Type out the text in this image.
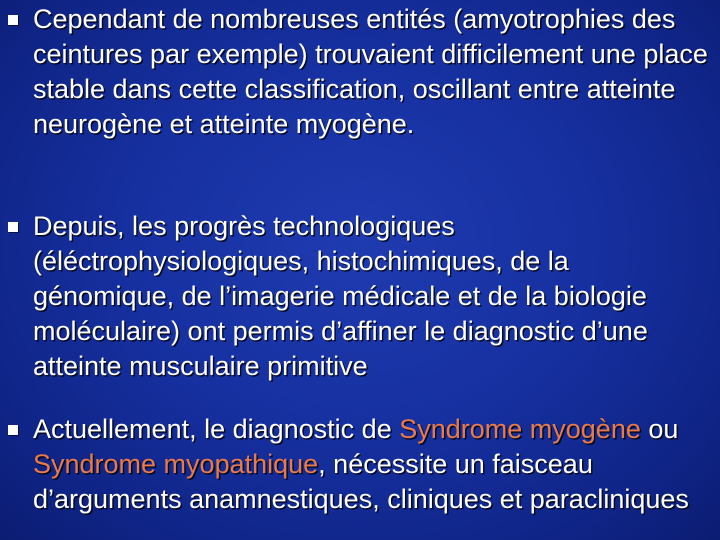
Cependant de nombreuses entités (amyotrophies des ceintures par exemple) trouvaient difficilement une place stable dans cette classification, oscillant entre atteinte neurogène et atteinte myogène.

Depuis, les progrès technologiques (éléctrophysiologiques, histochimiques, de la génomique, de l’imagerie médicale et de la biologie moléculaire) ont permis d’affiner le diagnostic d’une atteinte musculaire primitive

Actuellement, le diagnostic de Syndrome myogène ou Syndrome myopathique, nécessite un faisceau d’arguments anamnestiques, cliniques et paracliniques
